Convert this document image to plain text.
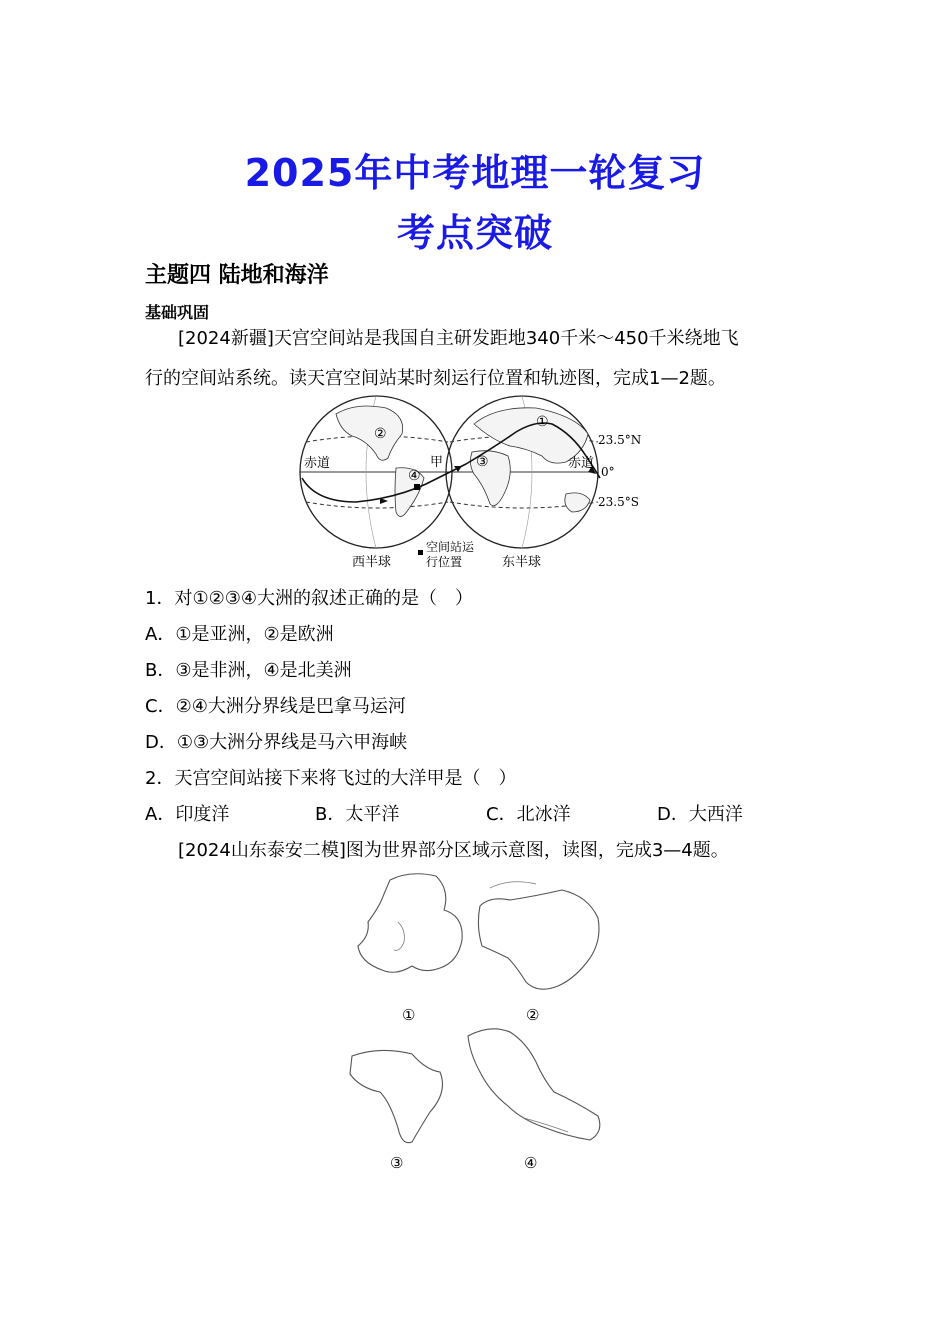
2025年中考地理一轮复习
考点突破
主题四 陆地和海洋
基础巩固
[2024新疆]天宫空间站是我国自主研发距地340千米～450千米绕地飞
行的空间站系统。读天宫空间站某时刻运行位置和轨迹图，完成1—2题。
②
④
③
①
赤道	赤道
甲
23.5°N
0°
23.5°S
西半球	东半球
空间站运
行位置
1．对①②③④大洲的叙述正确的是（　）
A．①是亚洲，②是欧洲
B．③是非洲，④是北美洲
C．②④大洲分界线是巴拿马运河
D．①③大洲分界线是马六甲海峡
2．天宫空间站接下来将飞过的大洋甲是（　）
A．印度洋	B．太平洋	C．北冰洋	D．大西洋
[2024山东泰安二模]图为世界部分区域示意图，读图，完成3—4题。
①	②
③	④
